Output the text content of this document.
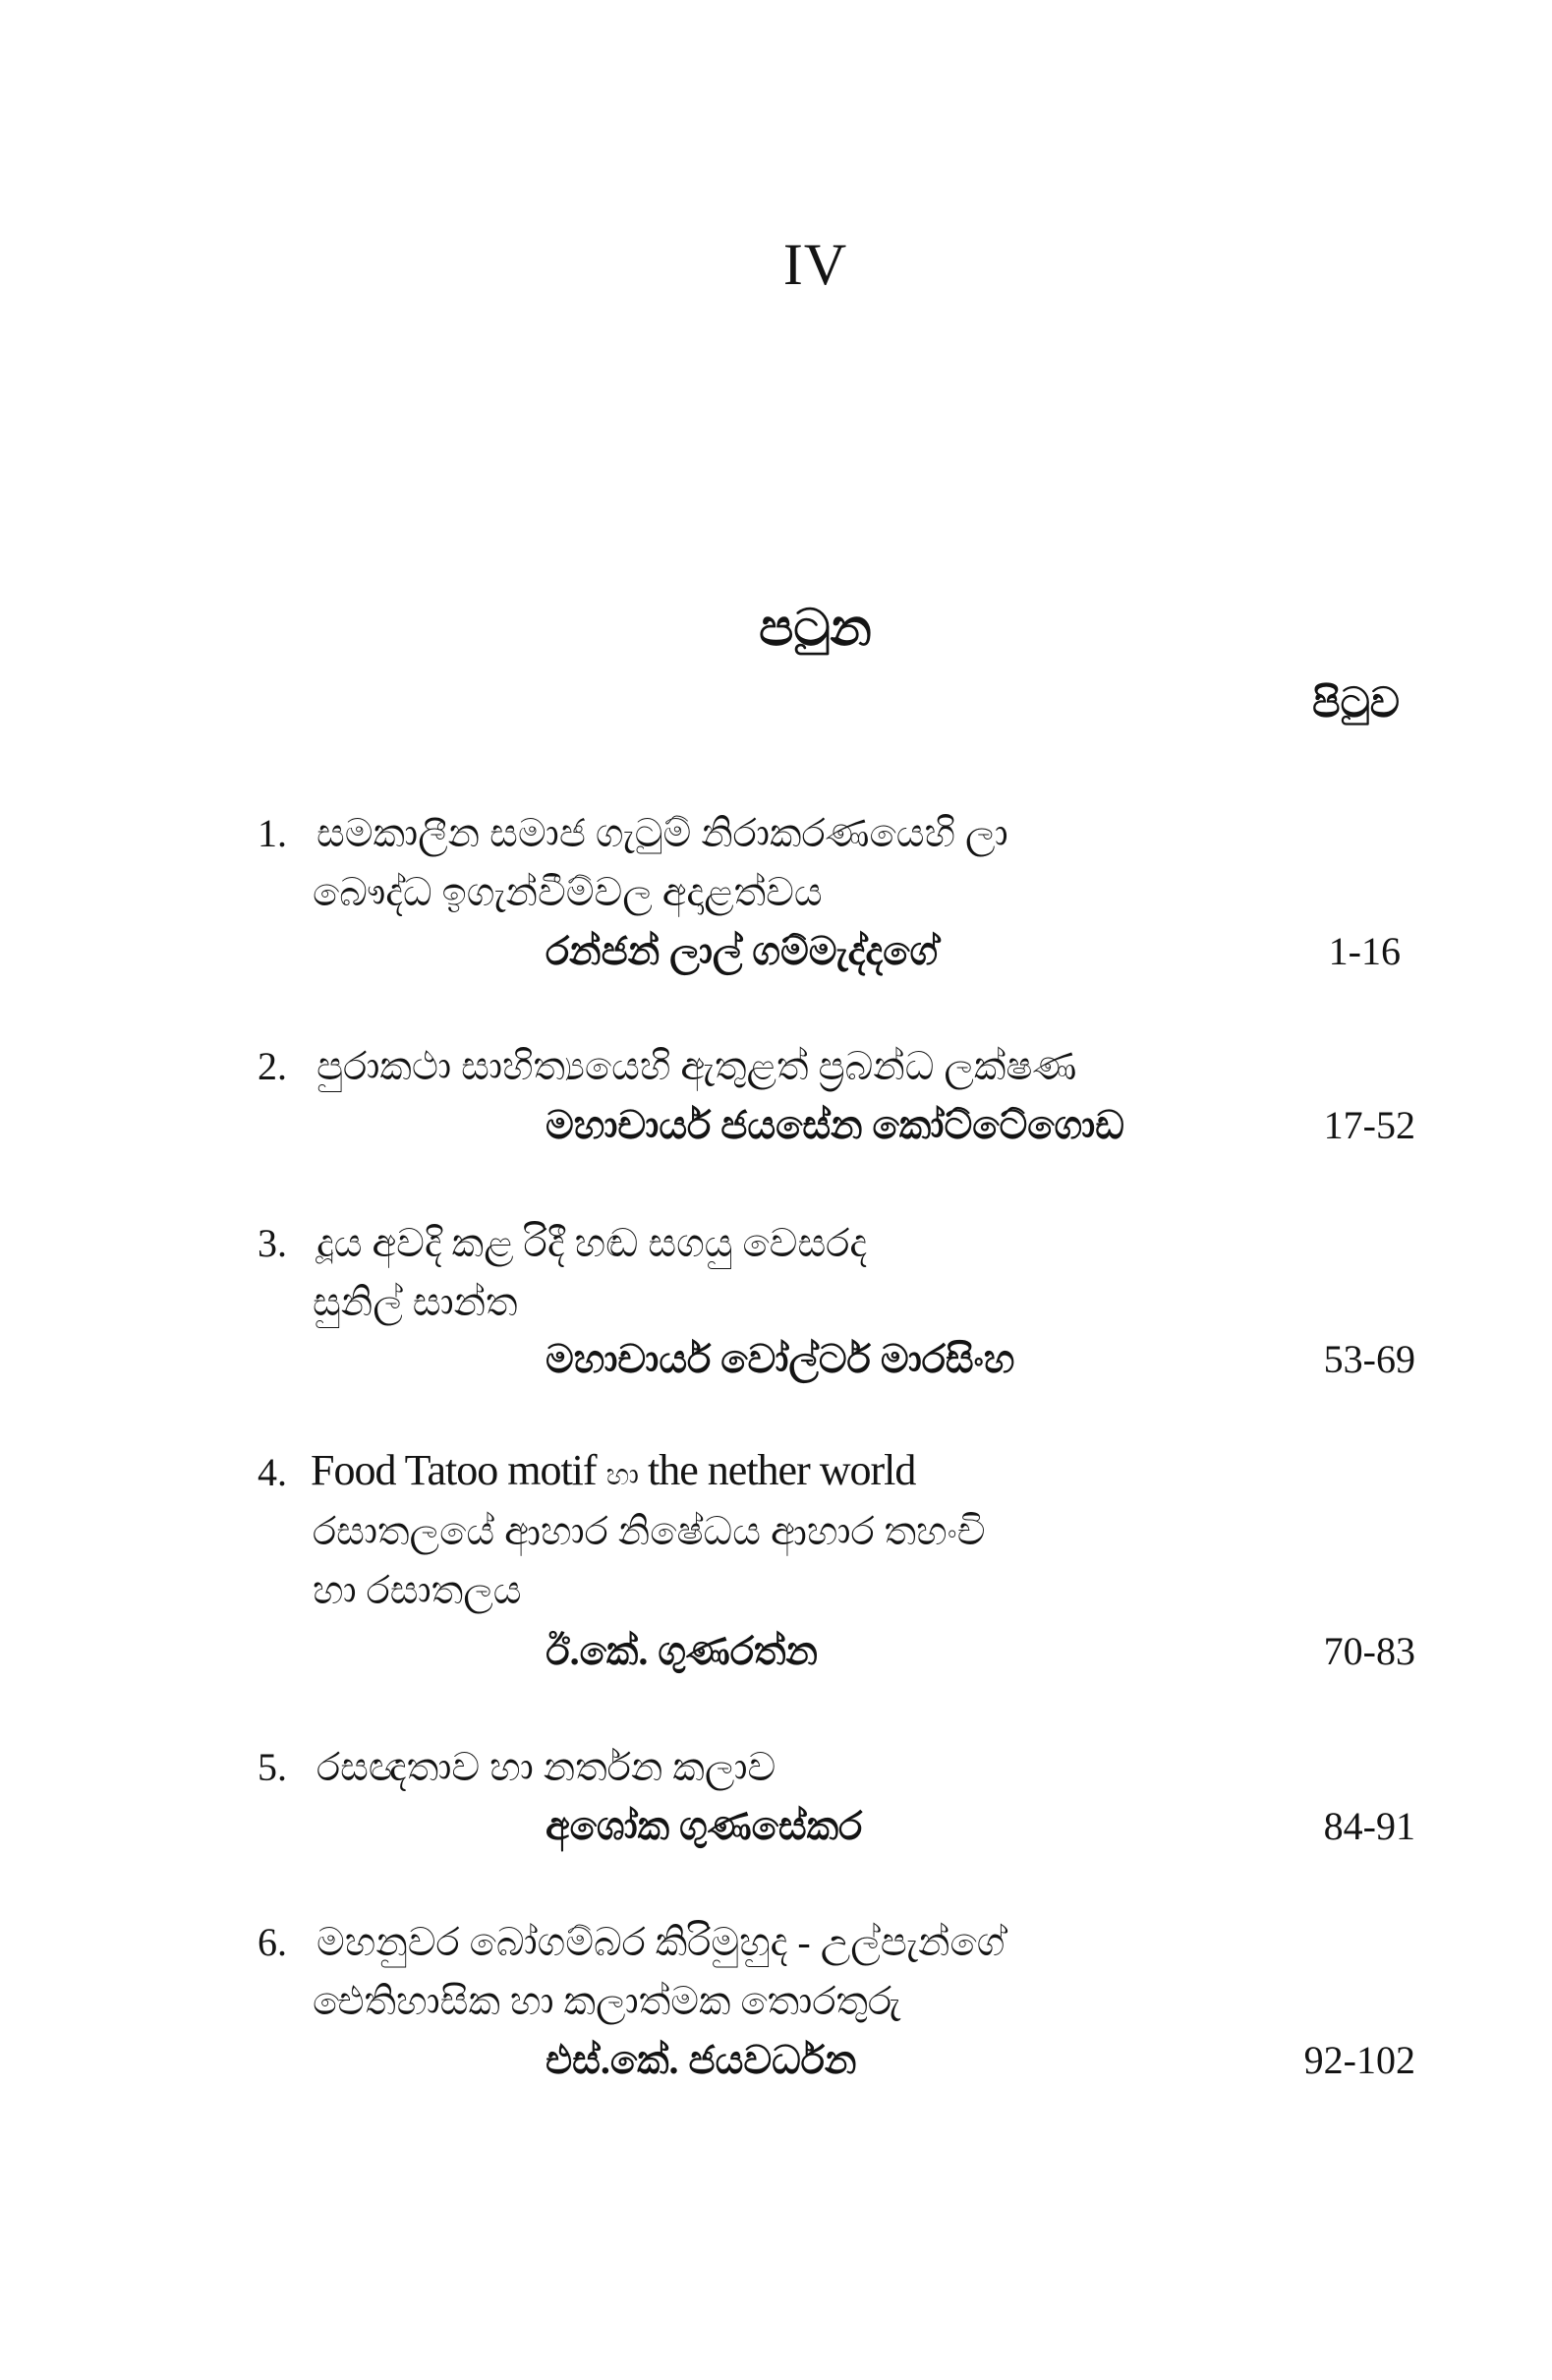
IV
පටුන
පිටුව
1. සමකාලීන සමාජ ගැටුම් නිරාකරණයෙහි ලා
බෞද්ධ ඉගැන්වීම්වල අදාළත්වය
රන්ජන් ලාල් ගම්මැද්දගේ	1-16
2. පුරාකථා සාහිත්‍යයෙහි ඇතුළත් ප්‍රබන්ධ ලක්ෂණ
මහාචාර්ය ජයසේන කෝට්ටේගොඩ	17-52
3. දූය අවදි කළ රිදී හඬ සගයු වෙසරද
සුනිල් සාන්ත
මහාචාර්ය වෝල්ටර් මාරසිංහ	53-69
4. Food Tatoo motif හා the nether world
රසාතලයේ ආහාර නිෂේධය ආහාර තහංචි
හා රසාතලය
ඊ.කේ. ගුණරත්න	70-83
5. රසඥතාව හා නර්තන කලාව
අශෝක ගුණසේකර	84-91
6. මහනුවර බෝගම්බර කිරිමුහුද - උල්පැන්ගේ
ඓතිහාසික හා කලාත්මක තොරතුරු
එස්.කේ. ජයවර්ධන	92-102
